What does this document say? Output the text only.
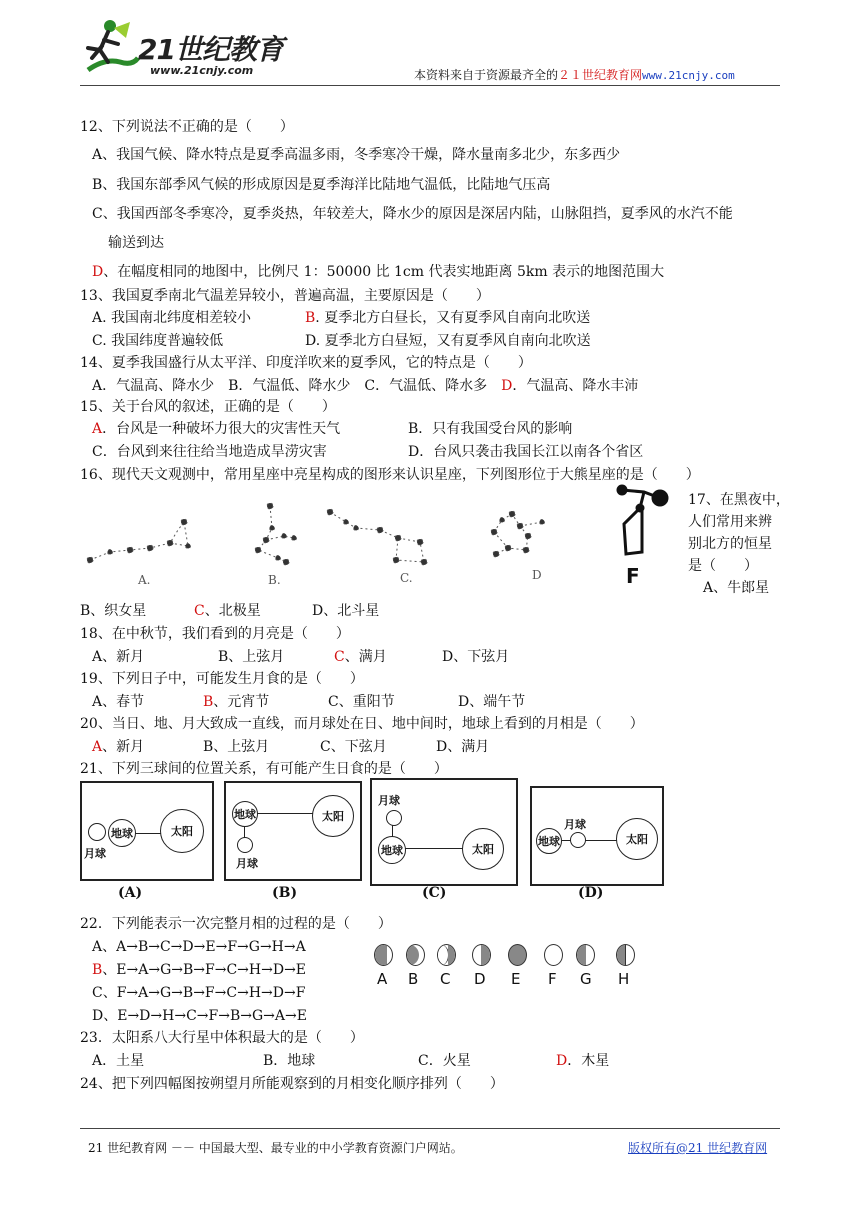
21世纪教育
www.21cnjy.com	本资料来自于资源最齐全的２１世纪教育网www.21cnjy.com
12、下列说法不正确的是（　　）
A、我国气候、降水特点是夏季高温多雨，冬季寒冷干燥，降水量南多北少，东多西少
B、我国东部季风气候的形成原因是夏季海洋比陆地气温低，比陆地气压高
C、我国西部冬季寒冷，夏季炎热，年较差大，降水少的原因是深居内陆，山脉阻挡，夏季风的水汽不能
输送到达
D、在幅度相同的地图中，比例尺 1：50000 比 1cm 代表实地距离 5km 表示的地图范围大
13、我国夏季南北气温差异较小，普遍高温，主要原因是（　　）
A. 我国南北纬度相差较小	B. 夏季北方白昼长，又有夏季风自南向北吹送
C. 我国纬度普遍较低	D. 夏季北方白昼短，又有夏季风自南向北吹送
14、夏季我国盛行从太平洋、印度洋吹来的夏季风，它的特点是（　　）
A．气温高、降水少　B．气温低、降水少　C．气温低、降水多　 D．气温高、降水丰沛
15、关于台风的叙述，正确的是（　　）
A．台风是一种破坏力很大的灾害性天气	B．只有我国受台风的影响
C．台风到来往往给当地造成旱涝灾害	D．台风只袭击我国长江以南各个省区
16、现代天文观测中，常用星座中亮星构成的图形来认识星座，下列图形位于大熊星座的是（　　）
A.	B.	C.	D	F
17、在黑夜中，
人们常用来辨
别北方的恒星
是（　　）
A、牛郎星
B、织女星	C、北极星	D、北斗星
18、在中秋节，我们看到的月亮是（　　）
A、新月	B、上弦月	C、满月	D、下弦月
19、下列日子中，可能发生月食的是（　　）
A、春节	B、元宵节	C、重阳节	D、端午节
20、当日、地、月大致成一直线，而月球处在日、地中间时，地球上看到的月相是（　　）
A、新月	B、上弦月	C、下弦月	D、满月
21、下列三球间的位置关系，有可能产生日食的是（　　）
地球	太阳
月球
地球	太阳
月球
月球
地球	太阳
地球
月球
太阳
(A)	(B)	(C)	(D)
22．下列能表示一次完整月相的过程的是（　　）
A、A→B→C→D→E→F→G→H→A
B、E→A→G→B→F→C→H→D→E
C、F→A→G→B→F→C→H→D→F
D、E→D→H→C→F→B→G→A→E
A B C D E F G H
23．太阳系八大行星中体积最大的是（　　）
A．土星	B．地球	C．火星	D．木星
24、把下列四幅图按朔望月所能观察到的月相变化顺序排列（　　）
21 世纪教育网 －－ 中国最大型、最专业的中小学教育资源门户网站。	版权所有@21 世纪教育网
